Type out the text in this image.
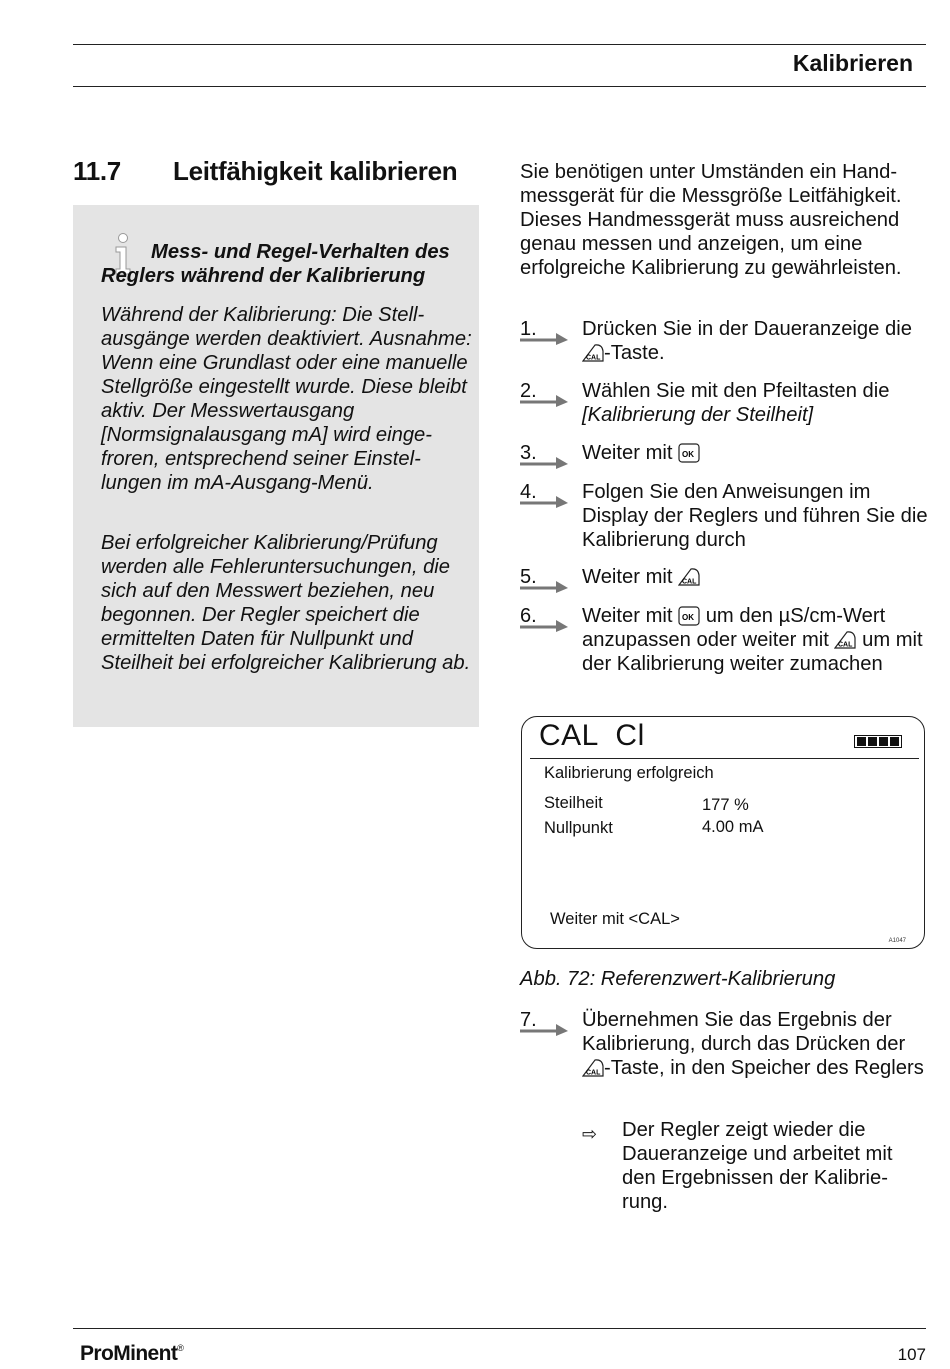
Kalibrieren
11.7 Leitfähigkeit kalibrieren
Mess- und Regel-Verhalten des Reglers während der Kalibrierung

Während der Kalibrierung: Die Stellausgänge werden deaktiviert. Ausnahme: Wenn eine Grundlast oder eine manuelle Stellgröße eingestellt wurde. Diese bleibt aktiv. Der Messwertausgang [Normsignalausgang mA] wird eingefroren, entsprechend seiner Einstellungen im mA-Ausgang-Menü.

Bei erfolgreicher Kalibrierung/Prüfung werden alle Fehleruntersuchungen, die sich auf den Messwert beziehen, neu begonnen. Der Regler speichert die ermittelten Daten für Nullpunkt und Steilheit bei erfolgreicher Kalibrierung ab.

Sie benötigen unter Umständen ein Handmessgerät für die Messgröße Leitfähigkeit. Dieses Handmessgerät muss ausreichend genau messen und anzeigen, um eine erfolgreiche Kalibrierung zu gewährleisten.

1. Drücken Sie in der Daueranzeige die
CAL -Taste.
2. Wählen Sie mit den Pfeiltasten die [Kalibrierung der Steilheit]
3. Weiter mit OK
4. Folgen Sie den Anweisungen im Display der Reglers und führen Sie die Kalibrierung durch
5. Weiter mit CAL
6. Weiter mit OK um den µS/cm-Wert anzupassen oder weiter mit CAL um mit der Kalibrierung weiter zumachen
CAL  Cl
Kalibrierung erfolgreich
Steilheit	177 %
Nullpunkt	4.00 mA
Weiter mit <CAL>
A1047
Abb. 72: Referenzwert-Kalibrierung
7. Übernehmen Sie das Ergebnis der Kalibrierung, durch das Drücken der
CAL -Taste, in den Speicher des Reglers
⇨ Der Regler zeigt wieder die Daueranzeige und arbeitet mit den Ergebnissen der Kalibrierung.

ProMinent®	107
